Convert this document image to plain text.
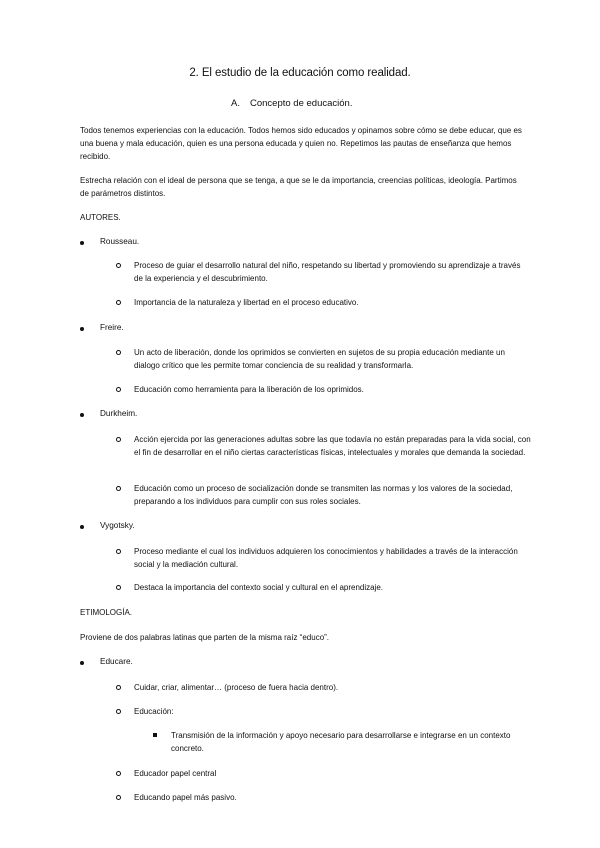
2. El estudio de la educación como realidad.
A. Concepto de educación.
Todos tenemos experiencias con la educación. Todos hemos sido educados y opinamos sobre cómo se debe educar, que es una buena y mala educación, quien es una persona educada y quien no. Repetimos las pautas de enseñanza que hemos recibido.
Estrecha relación con el ideal de persona que se tenga, a que se le da importancia, creencias políticas, ideología. Partimos de parámetros distintos.
AUTORES.
Rousseau.
Proceso de guiar el desarrollo natural del niño, respetando su libertad y promoviendo su aprendizaje a través de la experiencia y el descubrimiento.
Importancia de la naturaleza y libertad en el proceso educativo.
Freire.
Un acto de liberación, donde los oprimidos se convierten en sujetos de su propia educación mediante un dialogo crítico que les permite tomar conciencia de su realidad y transformarla.
Educación como herramienta para la liberación de los oprimidos.
Durkheim.
Acción ejercida por las generaciones adultas sobre las que todavía no están preparadas para la vida social, con el fin de desarrollar en el niño ciertas características físicas, intelectuales y morales que demanda la sociedad.
Educación como un proceso de socialización donde se transmiten las normas y los valores de la sociedad, preparando a los individuos para cumplir con sus roles sociales.
Vygotsky.
Proceso mediante el cual los individuos adquieren los conocimientos y habilidades a través de la interacción social y la mediación cultural.
Destaca la importancia del contexto social y cultural en el aprendizaje.
ETIMOLOGÍA.
Proviene de dos palabras latinas que parten de la misma raíz “educo”.
Educare.
Cuidar, criar, alimentar… (proceso de fuera hacia dentro).
Educación:
Transmisión de la información y apoyo necesario para desarrollarse e integrarse en un contexto concreto.
Educador papel central
Educando papel más pasivo.
